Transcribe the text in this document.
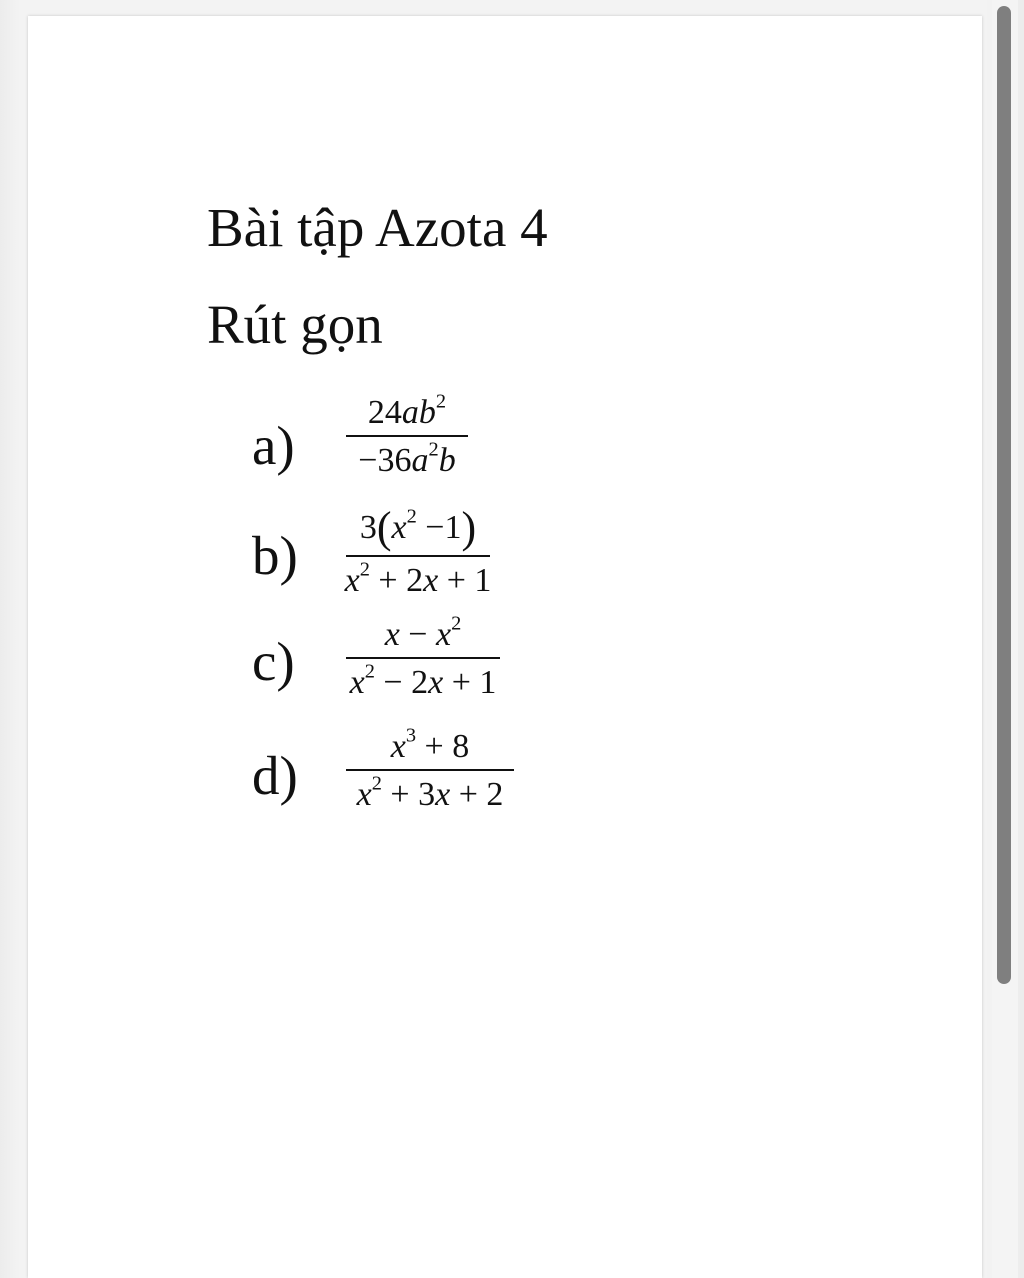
Bài tập Azota 4
Rút gọn
a)
$24ab^2$
$-36a^2b$
b) $3(x^2 -1)$
$x^2 + 2x + 1$
c)	$x - x^2$
$x^2 - 2x + 1$
d)	$x^3 + 8$
$x^2 + 3x + 2$
